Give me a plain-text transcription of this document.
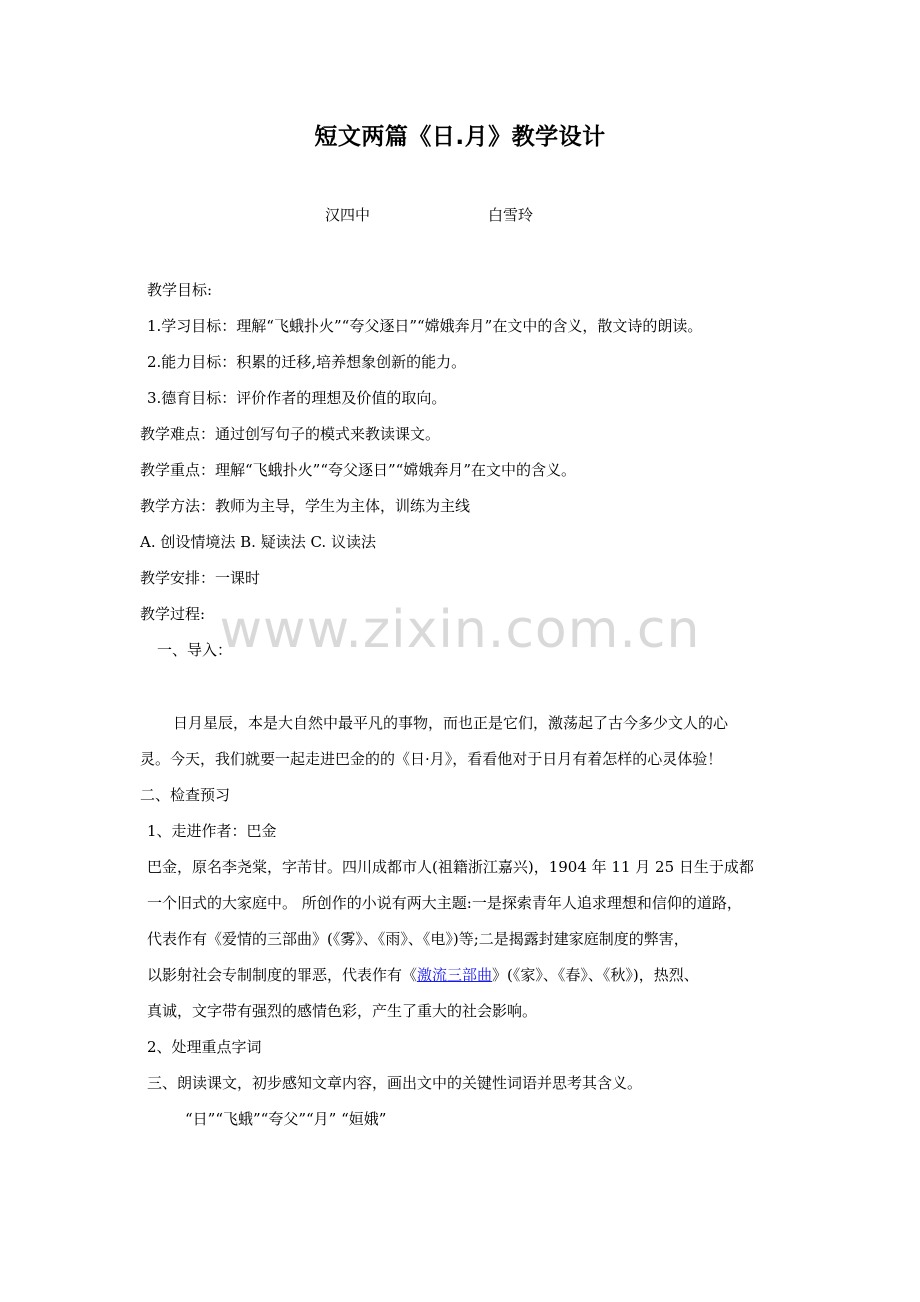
www.zixin.com.cn
短文两篇《日.月》教学设计
汉四中	白雪玲
教学目标:
1.学习目标：理解“飞蛾扑火”“夸父逐日”“嫦娥奔月”在文中的含义，散文诗的朗读。
2.能力目标：积累的迁移,培养想象创新的能力。
3.德育目标：评价作者的理想及价值的取向。
教学难点：通过创写句子的模式来教读课文。
教学重点：理解“飞蛾扑火”“夸父逐日”“嫦娥奔月”在文中的含义。
教学方法：教师为主导，学生为主体，训练为主线
A. 创设情境法 B. 疑读法 C. 议读法
教学安排：一课时
教学过程:
一、导入：
日月星辰，本是大自然中最平凡的事物，而也正是它们，激荡起了古今多少文人的心
灵。今天，我们就要一起走进巴金的的《日·月》，看看他对于日月有着怎样的心灵体验！
二、检查预习
1、走进作者：巴金
巴金，原名李尧棠，字芾甘。四川成都市人(祖籍浙江嘉兴)，1904 年 11 月 25 日生于成都
一个旧式的大家庭中。 所创作的小说有两大主题:一是探索青年人追求理想和信仰的道路，
代表作有《爱情的三部曲》(《雾》、《雨》、《电》)等;二是揭露封建家庭制度的弊害，
以影射社会专制制度的罪恶，代表作有《激流三部曲》(《家》、《春》、《秋》)，热烈、
真诚，文字带有强烈的感情色彩，产生了重大的社会影响。
2、处理重点字词
三、朗读课文，初步感知文章内容，画出文中的关键性词语并思考其含义。
“日”“飞蛾”“夸父”“月” “姮娥”
